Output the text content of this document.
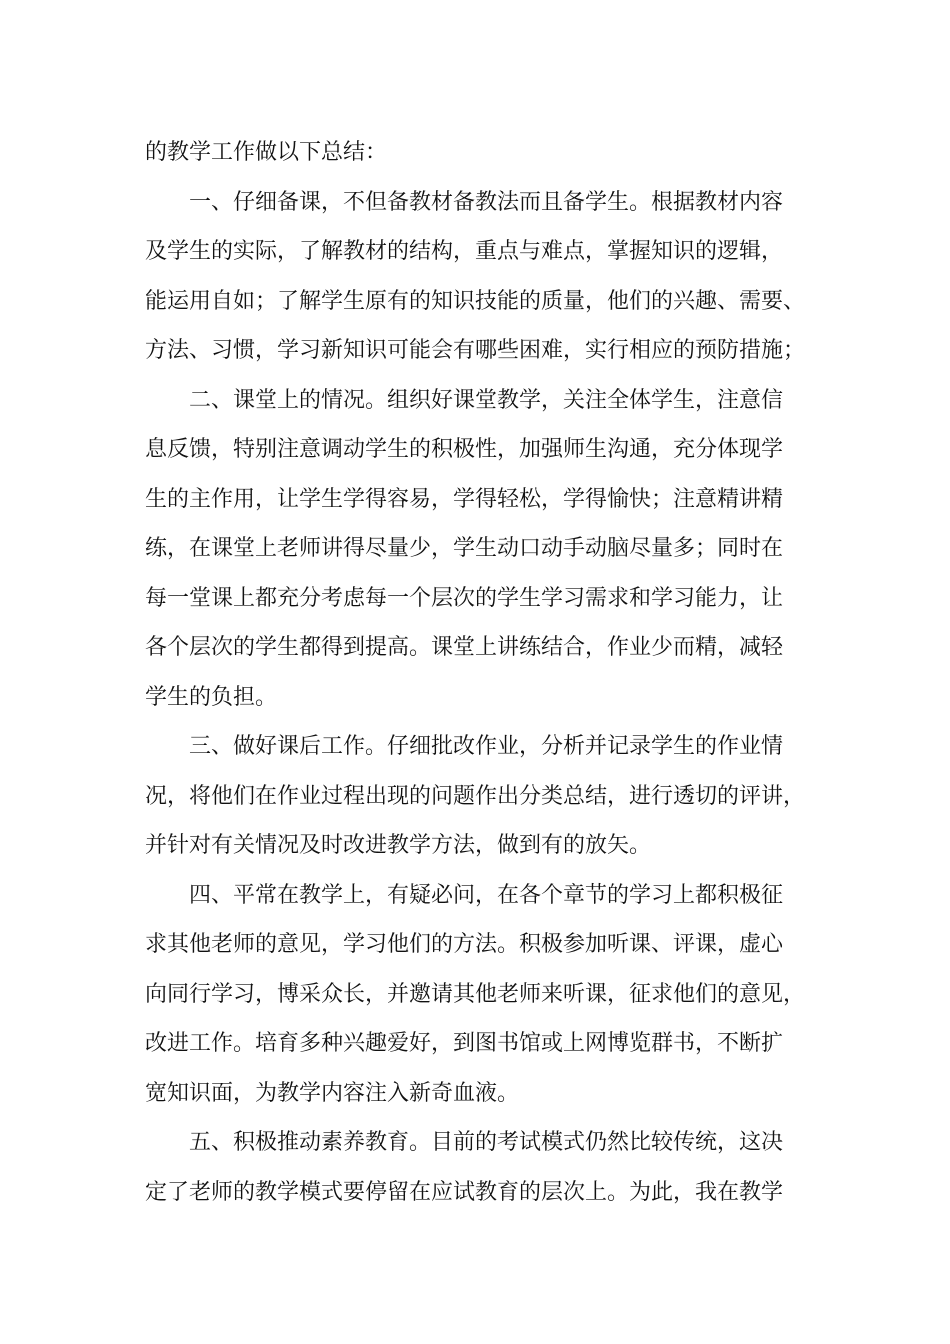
的教学工作做以下总结：
一、仔细备课，不但备教材备教法而且备学生。根据教材内容
及学生的实际，了解教材的结构，重点与难点，掌握知识的逻辑，
能运用自如；了解学生原有的知识技能的质量，他们的兴趣、需要、
方法、习惯，学习新知识可能会有哪些困难，实行相应的预防措施；
二、课堂上的情况。组织好课堂教学，关注全体学生，注意信
息反馈，特别注意调动学生的积极性，加强师生沟通，充分体现学
生的主作用，让学生学得容易，学得轻松，学得愉快；注意精讲精
练，在课堂上老师讲得尽量少，学生动口动手动脑尽量多；同时在
每一堂课上都充分考虑每一个层次的学生学习需求和学习能力，让
各个层次的学生都得到提高。课堂上讲练结合，作业少而精，减轻
学生的负担。
三、做好课后工作。仔细批改作业，分析并记录学生的作业情
况，将他们在作业过程出现的问题作出分类总结，进行透切的评讲，
并针对有关情况及时改进教学方法，做到有的放矢。
四、平常在教学上，有疑必问，在各个章节的学习上都积极征
求其他老师的意见，学习他们的方法。积极参加听课、评课，虚心
向同行学习，博采众长，并邀请其他老师来听课，征求他们的意见，
改进工作。培育多种兴趣爱好，到图书馆或上网博览群书，不断扩
宽知识面，为教学内容注入新奇血液。
五、积极推动素养教育。目前的考试模式仍然比较传统，这决
定了老师的教学模式要停留在应试教育的层次上。为此，我在教学
